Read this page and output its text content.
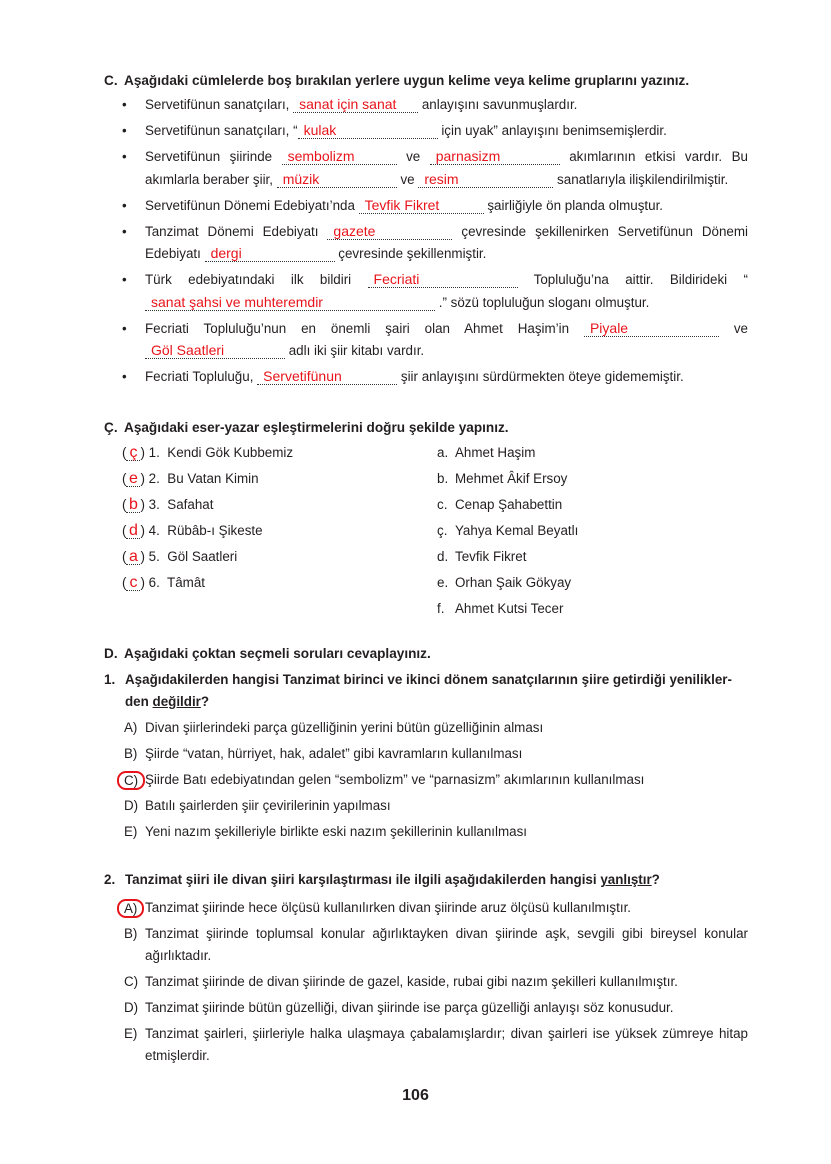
C. Aşağıdaki cümlelerde boş bırakılan yerlere uygun kelime veya kelime gruplarını yazınız.
• Servetifünun sanatçıları, sanat için sanat anlayışını savunmuşlardır.
• Servetifünun sanatçıları, “ kulak	için uyak” anlayışını benimsemişlerdir.
• Servetifünun şiirinde sembolizm	ve parnasizm	akımlarının etkisi vardır. Bu akımlarla beraber şiir, müzik	ve resim	sanatlarıyla ilişkilendirilmiştir.
• Servetifünun Dönemi Edebiyatı’nda Tevfik Fikret	şairliğiyle ön planda olmuştur.
• Tanzimat Dönemi Edebiyatı gazete	çevresinde şekillenirken Servetifünun Dönemi Edebiyatı dergi	çevresinde şekillenmiştir.
• Türk edebiyatındaki ilk bildiri Fecriati	Topluluğu’na aittir. Bildirideki “sanat şahsi ve muhteremdir	.” sözü topluluğun sloganı olmuştur.
• Fecriati Topluluğu’nun en önemli şairi olan Ahmet Haşim’in Piyale	ve Göl Saatleri	adlı iki şiir kitabı vardır.
• Fecriati Topluluğu, Servetifünun	şiir anlayışını sürdürmekten öteye gidememiştir.
Ç. Aşağıdaki eser-yazar eşleştirmelerini doğru şekilde yapınız.
( ç ) 1. Kendi Gök Kubbemiz	a. Ahmet Haşim
( e ) 2. Bu Vatan Kimin	b. Mehmet Âkif Ersoy
( b ) 3. Safahat	c. Cenap Şahabettin
( d ) 4. Rübâb-ı Şikeste	ç. Yahya Kemal Beyatlı
( a ) 5. Göl Saatleri	d. Tevfik Fikret
( c ) 6. Tâmât	e. Orhan Şaik Gökyay
f. Ahmet Kutsi Tecer
D. Aşağıdaki çoktan seçmeli soruları cevaplayınız.
1. Aşağıdakilerden hangisi Tanzimat birinci ve ikinci dönem sanatçılarının şiire getirdiği yenilikler-den değildir?
A) Divan şiirlerindeki parça güzelliğinin yerini bütün güzelliğinin alması
B) Şiirde “vatan, hürriyet, hak, adalet” gibi kavramların kullanılması
C) Şiirde Batı edebiyatından gelen “sembolizm” ve “parnasizm” akımlarının kullanılması
D) Batılı şairlerden şiir çevirilerinin yapılması
E) Yeni nazım şekilleriyle birlikte eski nazım şekillerinin kullanılması
2. Tanzimat şiiri ile divan şiiri karşılaştırması ile ilgili aşağıdakilerden hangisi yanlıştır?
A) Tanzimat şiirinde hece ölçüsü kullanılırken divan şiirinde aruz ölçüsü kullanılmıştır.
B) Tanzimat şiirinde toplumsal konular ağırlıktayken divan şiirinde aşk, sevgili gibi bireysel konular ağırlıktadır.
C) Tanzimat şiirinde de divan şiirinde de gazel, kaside, rubai gibi nazım şekilleri kullanılmıştır.
D) Tanzimat şiirinde bütün güzelliği, divan şiirinde ise parça güzelliği anlayışı söz konusudur.
E) Tanzimat şairleri, şiirleriyle halka ulaşmaya çabalamışlardır; divan şairleri ise yüksek zümreye hitap etmişlerdir.
106
